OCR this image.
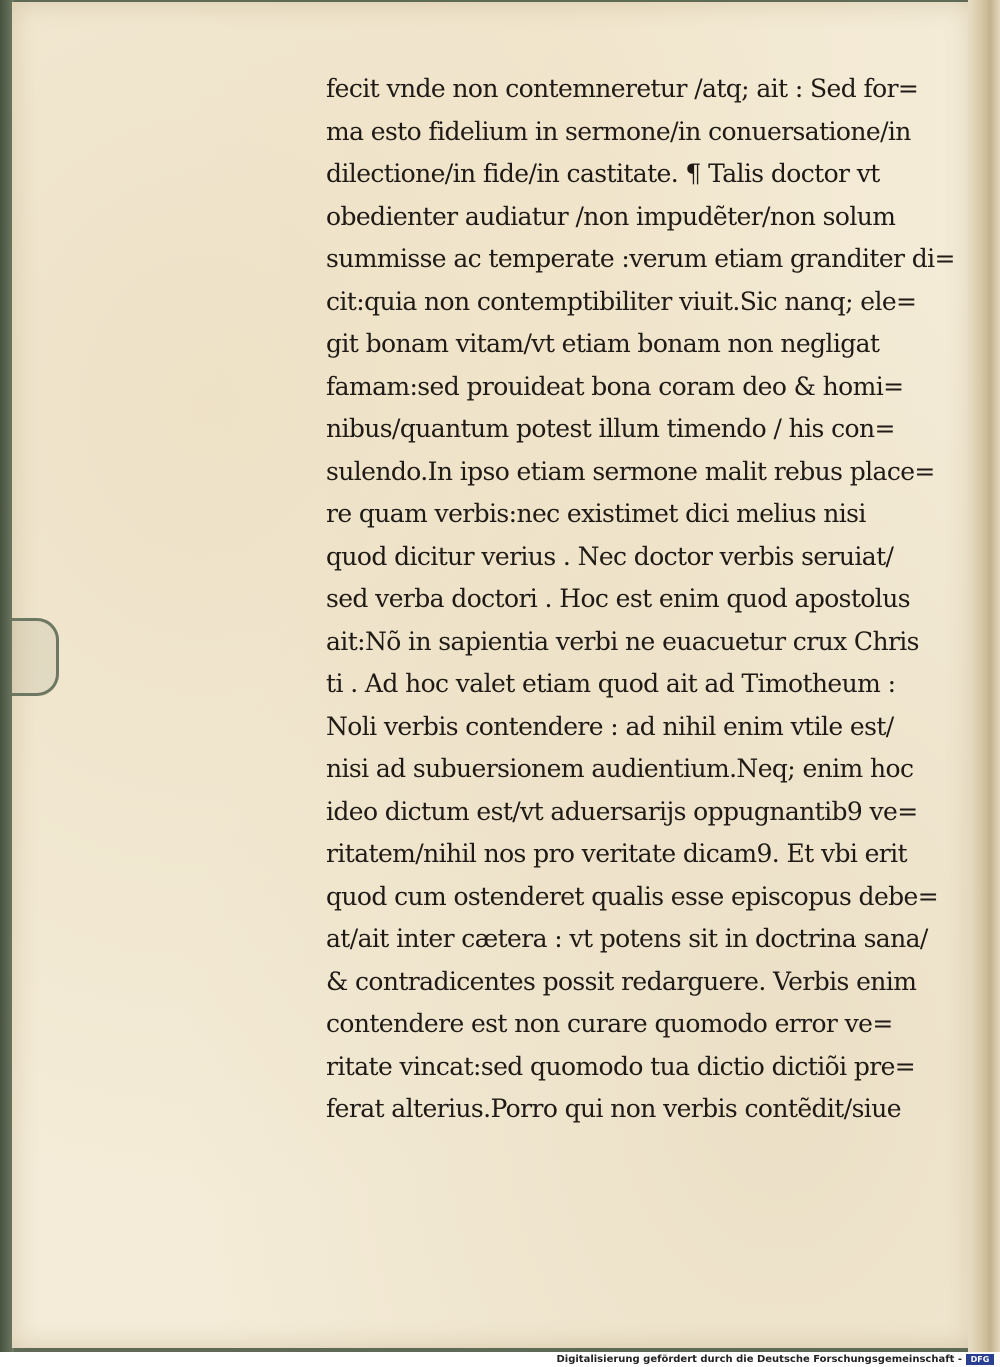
fecit vnde non contemneretur /atq; ait : Sed for=
ma esto fidelium in sermone/in conuersatione/in
dilectione/in fide/in castitate. ¶ Talis doctor vt
obedienter audiatur /non impudẽter/non solum
summisse ac temperate :verum etiam granditer di=
cit:quia non contemptibiliter viuit.Sic nanq; ele=
git bonam vitam/vt etiam bonam non negligat
famam:sed prouideat bona coram deo & homi=
nibus/quantum potest illum timendo / his con=
sulendo.In ipso etiam sermone malit rebus place=
re quam verbis:nec existimet dici melius nisi
quod dicitur verius . Nec doctor verbis seruiat/
sed verba doctori . Hoc est enim quod apostolus
ait:Nõ in sapientia verbi ne euacuetur crux Chris
ti . Ad hoc valet etiam quod ait ad Timotheum :
Noli verbis contendere : ad nihil enim vtile est/
nisi ad subuersionem audientium.Neq; enim hoc
ideo dictum est/vt aduersarijs oppugnantib9 ve=
ritatem/nihil nos pro veritate dicam9. Et vbi erit
quod cum ostenderet qualis esse episcopus debe=
at/ait inter cætera : vt potens sit in doctrina sana/
& contradicentes possit redarguere. Verbis enim
contendere est non curare quomodo error ve=
ritate vincat:sed quomodo tua dictio dictiõi pre=
ferat alterius.Porro qui non verbis contẽdit/siue
Digitalisierung gefördert durch die Deutsche Forschungsgemeinschaft -	DFG
